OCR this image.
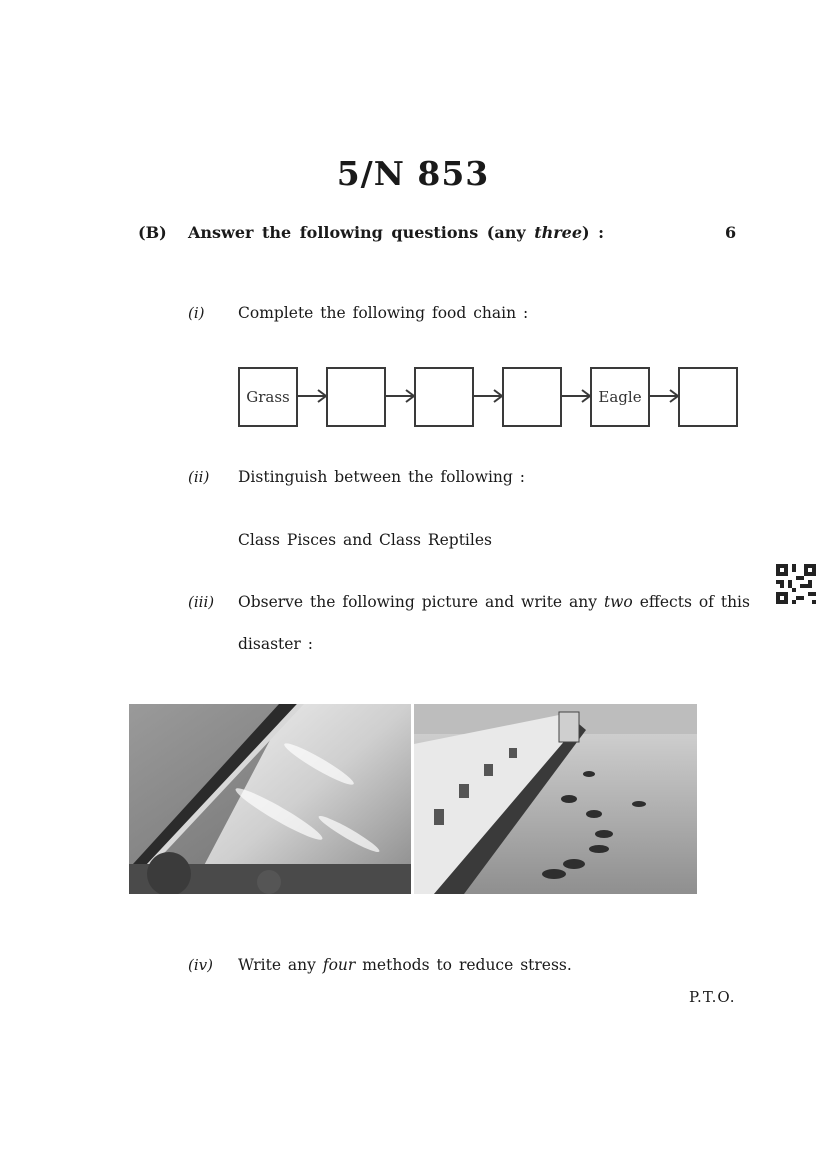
5/N 853
(B) Answer the following questions (any three) :	6
(i) Complete the following food chain :
Grass	Eagle
(ii) Distinguish between the following :
Class Pisces and Class Reptiles
(iii) Observe the following picture and write any two effects of this
disaster :
(iv) Write any four methods to reduce stress.
P.T.O.
